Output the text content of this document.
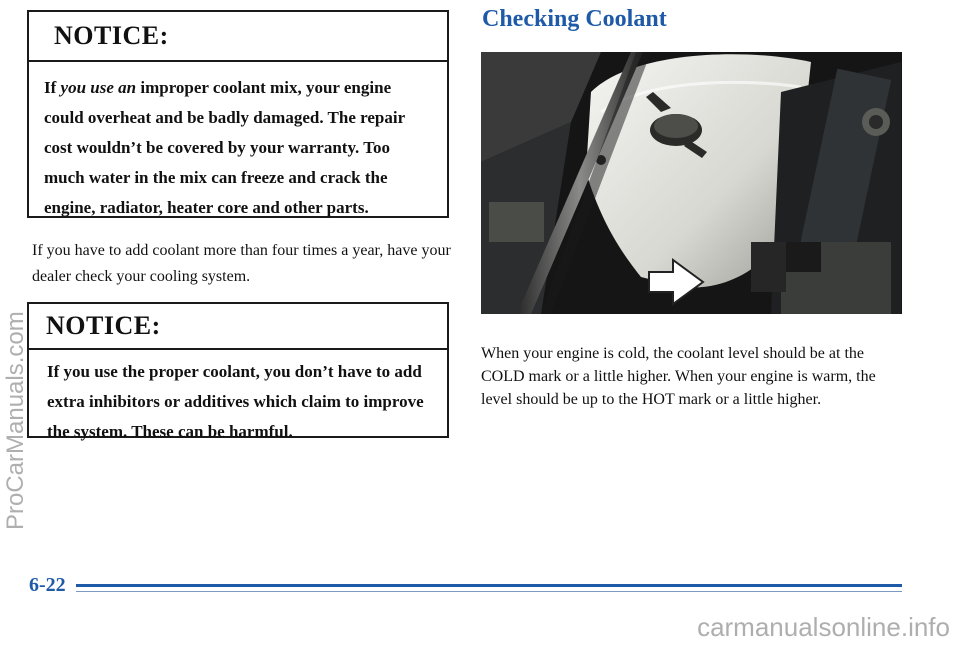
NOTICE:
If you use an improper coolant mix, your engine could overheat and be badly damaged. The repair cost wouldn’t be covered by your warranty. Too much water in the mix can freeze and crack the engine, radiator, heater core and other parts.
If you have to add coolant more than four times a year, have your dealer check your cooling system.
NOTICE:
If you use the proper coolant, you don’t have to add extra inhibitors or additives which claim to improve the system. These can be harmful.
Checking Coolant
When your engine is cold, the coolant level should be at the COLD mark or a little higher. When your engine is warm, the level should be up to the HOT mark or a little higher.
6-22
ProCarManuals.com
carmanualsonline.info
